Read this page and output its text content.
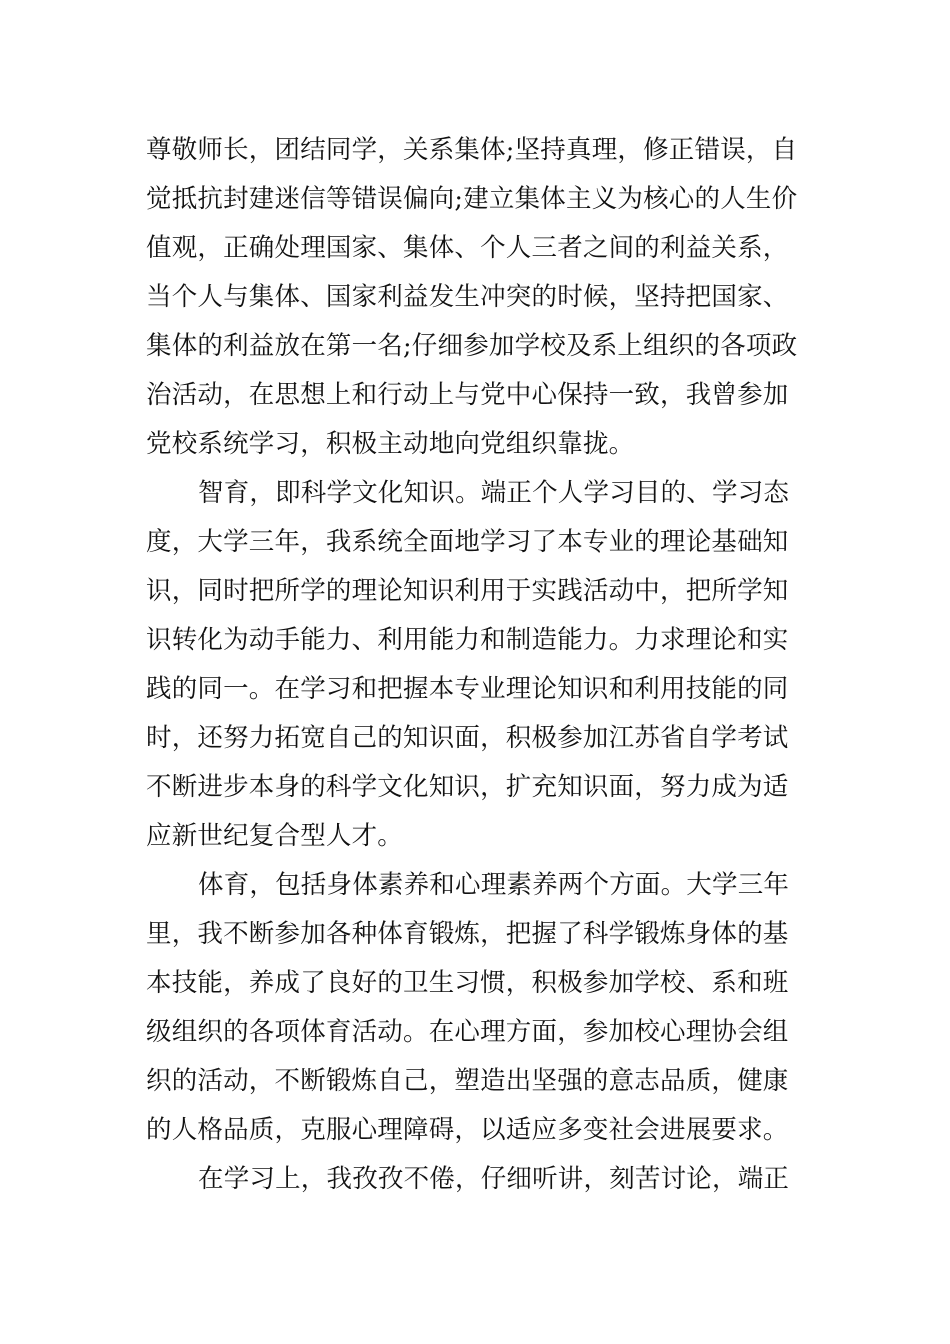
尊敬师长，团结同学，关系集体;坚持真理，修正错误，自
觉抵抗封建迷信等错误偏向;建立集体主义为核心的人生价
值观，正确处理国家、集体、个人三者之间的利益关系，
当个人与集体、国家利益发生冲突的时候，坚持把国家、
集体的利益放在第一名;仔细参加学校及系上组织的各项政
治活动，在思想上和行动上与党中心保持一致，我曾参加
党校系统学习，积极主动地向党组织靠拢。
智育，即科学文化知识。端正个人学习目的、学习态
度，大学三年，我系统全面地学习了本专业的理论基础知
识，同时把所学的理论知识利用于实践活动中，把所学知
识转化为动手能力、利用能力和制造能力。力求理论和实
践的同一。在学习和把握本专业理论知识和利用技能的同
时，还努力拓宽自己的知识面，积极参加江苏省自学考试
不断进步本身的科学文化知识，扩充知识面，努力成为适
应新世纪复合型人才。
体育，包括身体素养和心理素养两个方面。大学三年
里，我不断参加各种体育锻炼，把握了科学锻炼身体的基
本技能，养成了良好的卫生习惯，积极参加学校、系和班
级组织的各项体育活动。在心理方面，参加校心理协会组
织的活动，不断锻炼自己，塑造出坚强的意志品质，健康
的人格品质，克服心理障碍，以适应多变社会进展要求。
在学习上，我孜孜不倦，仔细听讲，刻苦讨论，端正
